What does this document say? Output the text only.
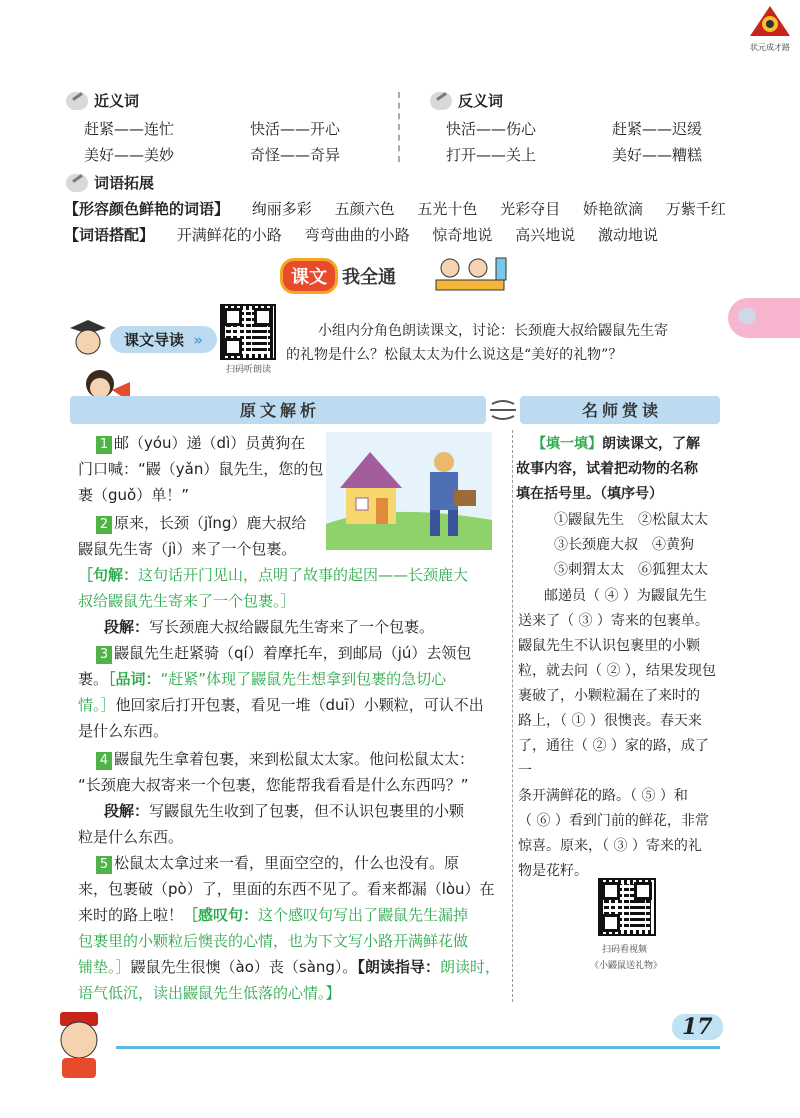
状元成才路
近义词
赶紧——连忙	快活——开心
美好——美妙	奇怪——奇异
反义词
快活——伤心	赶紧——迟缓
打开——关上	美好——糟糕
词语拓展
【形容颜色鲜艳的词语】 绚丽多彩 五颜六色 五光十色 光彩夺目 娇艳欲滴 万紫千红
【词语搭配】 开满鲜花的小路 弯弯曲曲的小路 惊奇地说 高兴地说 激动地说
课文 我全通
课文导读 »
扫码听朗读
小组内分角色朗读课文，讨论：长颈鹿大叔给鼹鼠先生寄
的礼物是什么？松鼠太太为什么说这是“美好的礼物”？
原文解析	名师赏读
1 邮（yóu）递（dì）员黄狗在
门口喊：“鼹（yǎn）鼠先生，您的包
裹（guǒ）单！”
2 原来，长颈（jǐng）鹿大叔给
鼹鼠先生寄（jì）来了一个包裹。
［句解：这句话开门见山，点明了故事的起因——长颈鹿大
叔给鼹鼠先生寄来了一个包裹。］
段解：写长颈鹿大叔给鼹鼠先生寄来了一个包裹。
3 鼹鼠先生赶紧骑（qí）着摩托车，到邮局（jú）去领包
裹。［品词：“赶紧”体现了鼹鼠先生想拿到包裹的急切心
情。］他回家后打开包裹，看见一堆（duī）小颗粒，可认不出
是什么东西。
4 鼹鼠先生拿着包裹，来到松鼠太太家。他问松鼠太太：
“长颈鹿大叔寄来一个包裹，您能帮我看看是什么东西吗？”
段解：写鼹鼠先生收到了包裹，但不认识包裹里的小颗
粒是什么东西。
5 松鼠太太拿过来一看，里面空空的，什么也没有。原
来，包裹破（pò）了，里面的东西不见了。看来都漏（lòu）在
来时的路上啦！［感叹句：这个感叹句写出了鼹鼠先生漏掉
包裹里的小颗粒后懊丧的心情，也为下文写小路开满鲜花做
铺垫。］鼹鼠先生很懊（ào）丧（sàng）。【朗读指导：朗读时，
语气低沉，读出鼹鼠先生低落的心情。】
【填一填】朗读课文，了解
故事内容，试着把动物的名称
填在括号里。（填序号）
①鼹鼠先生　②松鼠太太
③长颈鹿大叔　④黄狗
⑤刺猬太太　⑥狐狸太太
邮递员（ ④ ）为鼹鼠先生
送来了（ ③ ）寄来的包裹单。
鼹鼠先生不认识包裹里的小颗
粒，就去问（ ② ），结果发现包
裹破了，小颗粒漏在了来时的
路上，（ ① ）很懊丧。春天来
了，通往（ ② ）家的路，成了一
条开满鲜花的路。（ ⑤ ）和
（ ⑥ ）看到门前的鲜花，非常
惊喜。原来，（ ③ ）寄来的礼
物是花籽。
扫码看视频
《小鼹鼠送礼物》
17
